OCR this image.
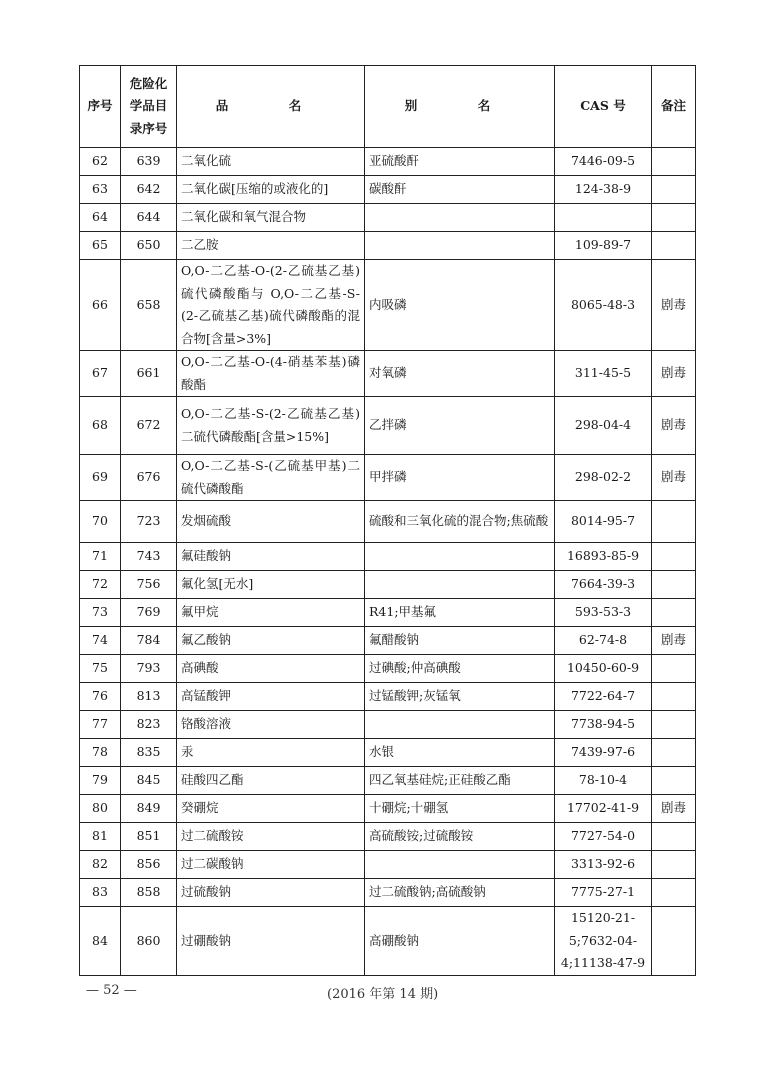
序号	危险化学品目录序号	品　名	别　名	CAS 号	备注
62	639	二氧化硫	亚硫酸酐	7446-09-5	
63	642	二氧化碳[压缩的或液化的]	碳酸酐	124-38-9	
64	644	二氧化碳和氧气混合物			
65	650	二乙胺		109-89-7	
66	658	O,O-二乙基-O-(2-乙硫基乙基)硫代磷酸酯与 O,O-二乙基-S-(2-乙硫基乙基)硫代磷酸酯的混合物[含量>3%]	内吸磷	8065-48-3	剧毒
67	661	O,O-二乙基-O-(4-硝基苯基)磷酸酯	对氧磷	311-45-5	剧毒
68	672	O,O-二乙基-S-(2-乙硫基乙基)二硫代磷酸酯[含量>15%]	乙拌磷	298-04-4	剧毒
69	676	O,O-二乙基-S-(乙硫基甲基)二硫代磷酸酯	甲拌磷	298-02-2	剧毒
70	723	发烟硫酸	硫酸和三氧化硫的混合物;焦硫酸	8014-95-7	
71	743	氟硅酸钠		16893-85-9	
72	756	氟化氢[无水]		7664-39-3	
73	769	氟甲烷	R41;甲基氟	593-53-3	
74	784	氟乙酸钠	氟醋酸钠	62-74-8	剧毒
75	793	高碘酸	过碘酸;仲高碘酸	10450-60-9	
76	813	高锰酸钾	过锰酸钾;灰锰氧	7722-64-7	
77	823	铬酸溶液		7738-94-5	
78	835	汞	水银	7439-97-6	
79	845	硅酸四乙酯	四乙氧基硅烷;正硅酸乙酯	78-10-4	
80	849	癸硼烷	十硼烷;十硼氢	17702-41-9	剧毒
81	851	过二硫酸铵	高硫酸铵;过硫酸铵	7727-54-0	
82	856	过二碳酸钠		3313-92-6	
83	858	过硫酸钠	过二硫酸钠;高硫酸钠	7775-27-1	
84	860	过硼酸钠	高硼酸钠	15120-21-5;7632-04-4;11138-47-9	
— 52 —	(2016 年第 14 期)
